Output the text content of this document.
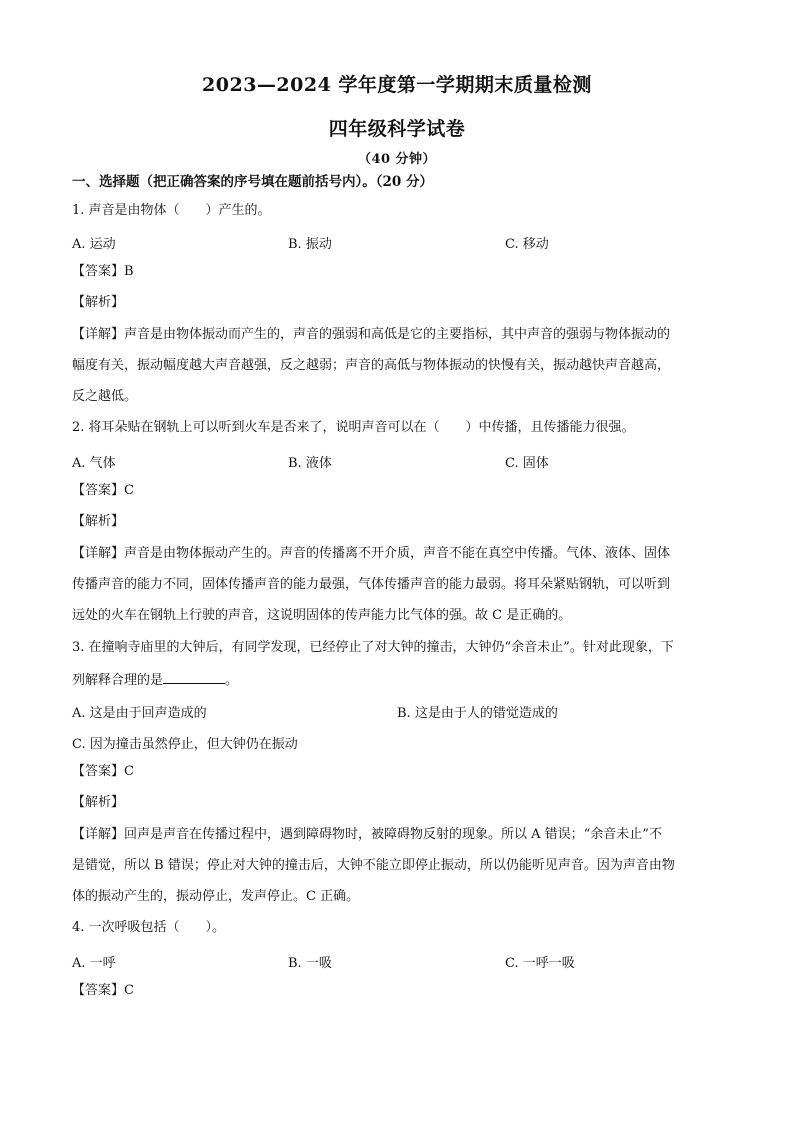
2023—2024 学年度第一学期期末质量检测
四年级科学试卷
（40 分钟）
一、选择题（把正确答案的序号填在题前括号内）。（20 分）
1. 声音是由物体（　　）产生的。
A. 运动	B. 振动	C. 移动
【答案】B
【解析】
【详解】声音是由物体振动而产生的，声音的强弱和高低是它的主要指标，其中声音的强弱与物体振动的
幅度有关，振动幅度越大声音越强，反之越弱；声音的高低与物体振动的快慢有关，振动越快声音越高，
反之越低。
2. 将耳朵贴在钢轨上可以听到火车是否来了，说明声音可以在（　　）中传播，且传播能力很强。
A. 气体	B. 液体	C. 固体
【答案】C
【解析】
【详解】声音是由物体振动产生的。声音的传播离不开介质，声音不能在真空中传播。气体、液体、固体
传播声音的能力不同，固体传播声音的能力最强，气体传播声音的能力最弱。将耳朵紧贴钢轨，可以听到
远处的火车在钢轨上行驶的声音，这说明固体的传声能力比气体的强。故 C 是正确的。
3. 在撞响寺庙里的大钟后，有同学发现，已经停止了对大钟的撞击，大钟仍“余音未止”。针对此现象，下
列解释合理的是	。
A. 这是由于回声造成的	B. 这是由于人的错觉造成的
C. 因为撞击虽然停止，但大钟仍在振动
【答案】C
【解析】
【详解】回声是声音在传播过程中，遇到障碍物时，被障碍物反射的现象。所以 A 错误；“余音未止”不
是错觉，所以 B 错误；停止对大钟的撞击后，大钟不能立即停止振动，所以仍能听见声音。因为声音由物
体的振动产生的，振动停止，发声停止。C 正确。
4. 一次呼吸包括（　　）。
A. 一呼	B. 一吸	C. 一呼一吸
【答案】C
